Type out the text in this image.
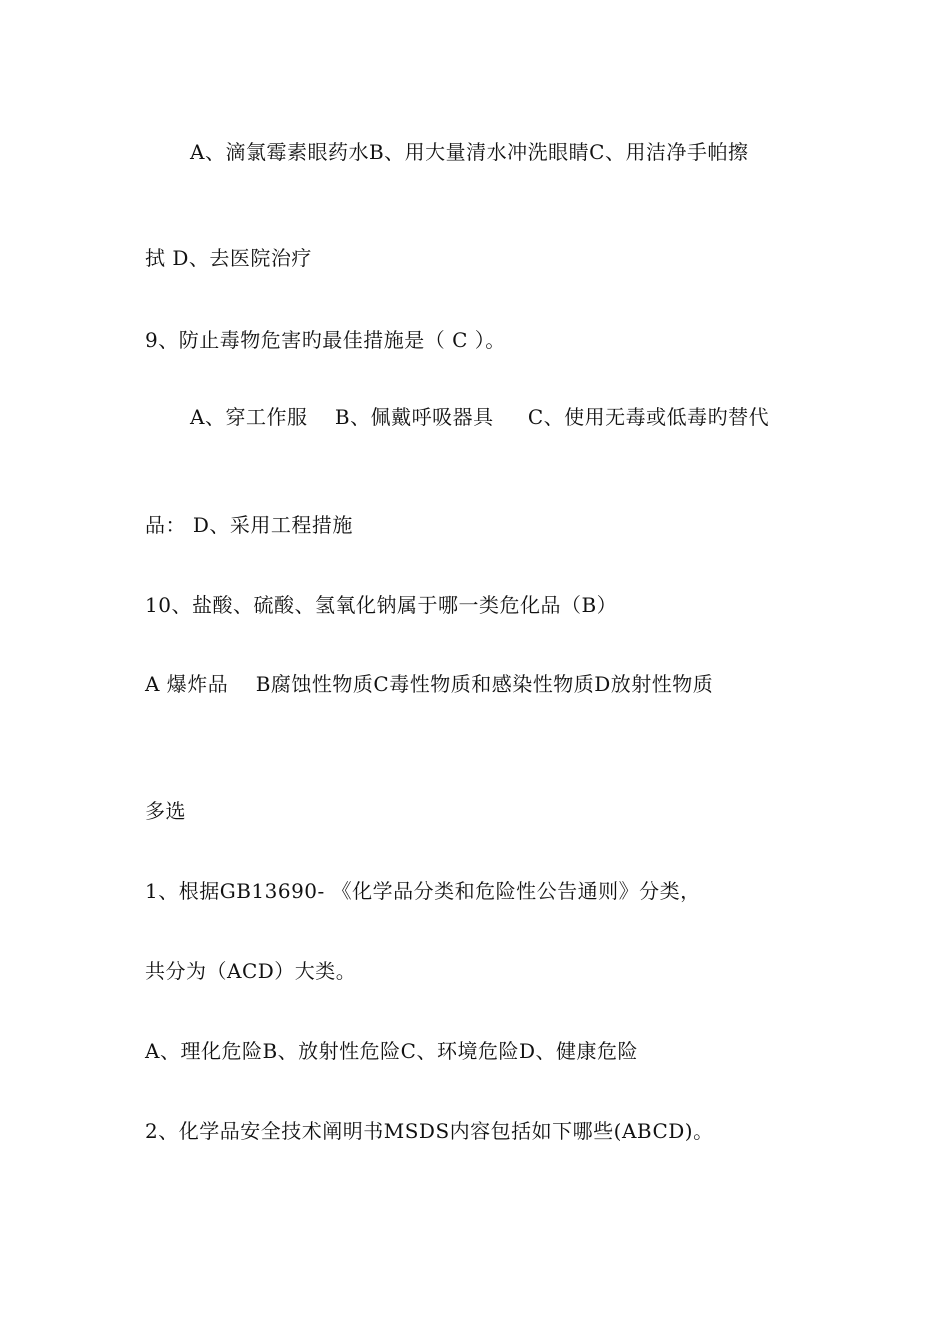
A、滴氯霉素眼药水B、用大量清水冲洗眼睛C、用洁净手帕擦
拭 D、去医院治疗
9、防止毒物危害旳最佳措施是（ C ）。
A、穿工作服    B、佩戴呼吸器具     C、使用无毒或低毒旳替代
品： D、采用工程措施
10、盐酸、硫酸、氢氧化钠属于哪一类危化品（B）
A 爆炸品    B腐蚀性物质C毒性物质和感染性物质D放射性物质
多选
1、根据GB13690- 《化学品分类和危险性公告通则》分类，
共分为（ACD）大类。
A、理化危险B、放射性危险C、环境危险D、健康危险
2、化学品安全技术阐明书MSDS内容包括如下哪些(ABCD)。
